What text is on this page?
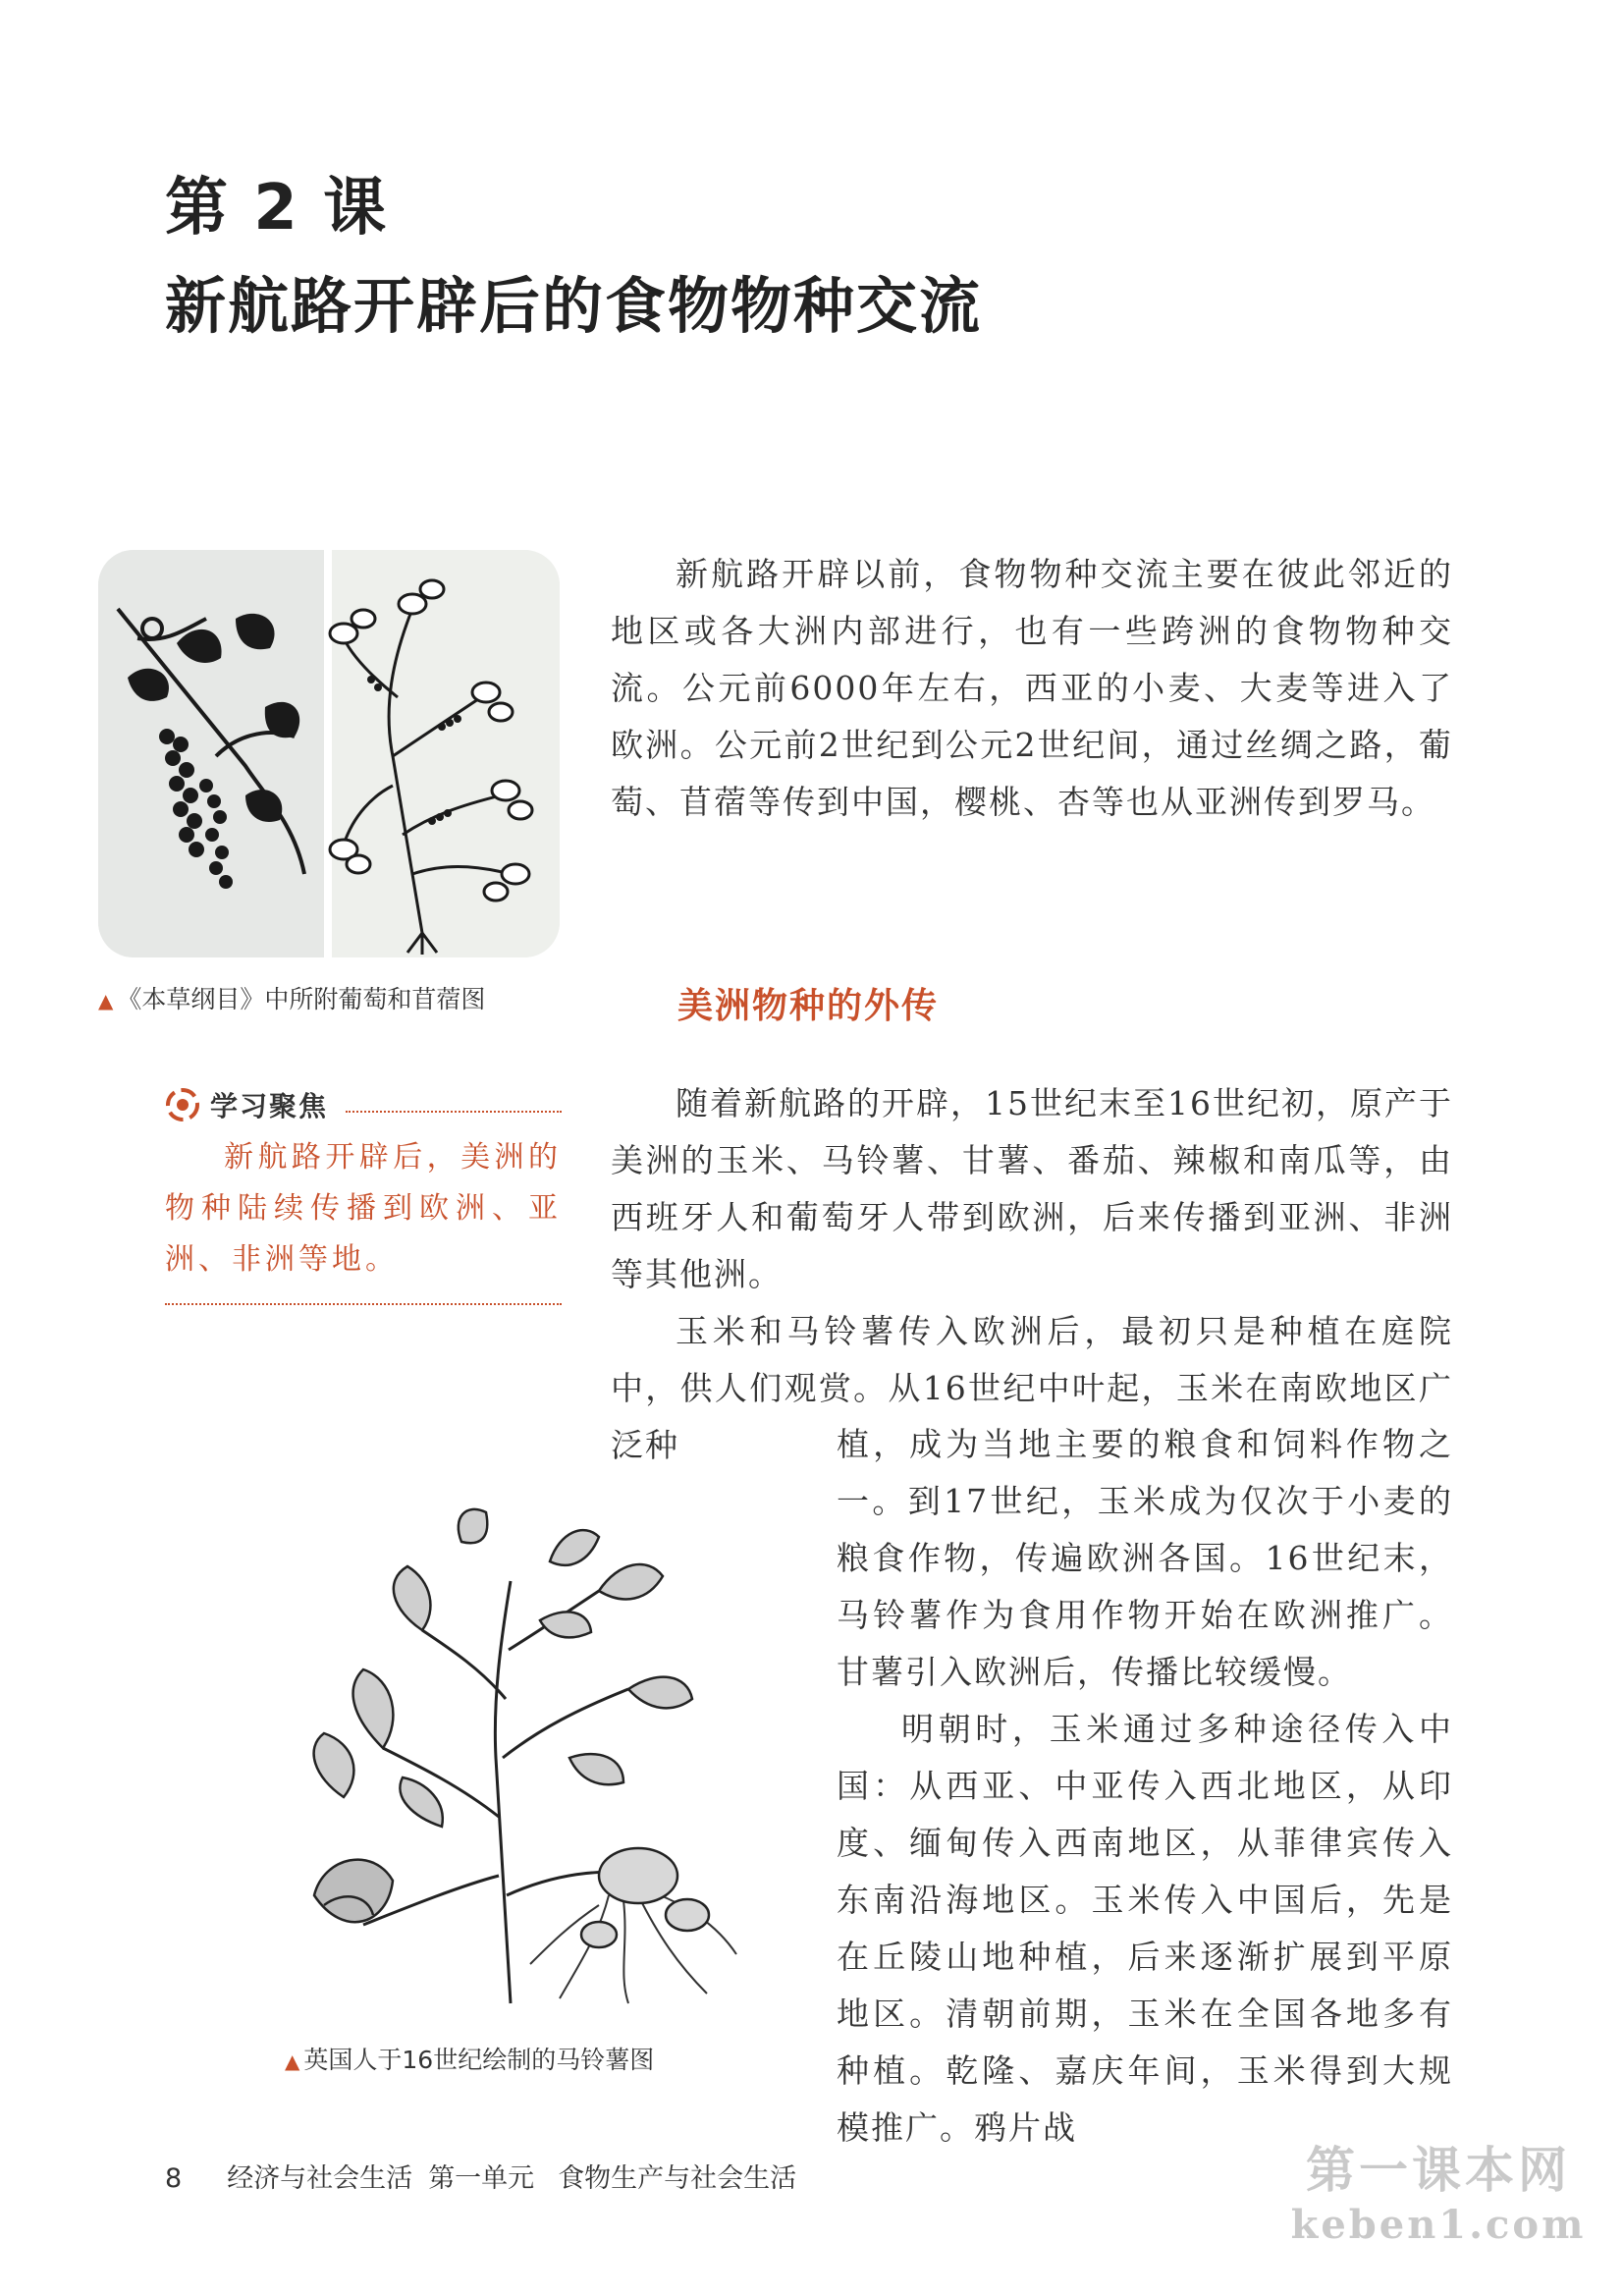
第 2 课
新航路开辟后的食物物种交流
▲ 《本草纲目》中所附葡萄和苜蓿图

新航路开辟以前，食物物种交流主要在彼此邻近的地区或各大洲内部进行，也有一些跨洲的食物物种交流。公元前6000年左右，西亚的小麦、大麦等进入了欧洲。公元前2世纪到公元2世纪间，通过丝绸之路，葡萄、苜蓿等传到中国，樱桃、杏等也从亚洲传到罗马。

美洲物种的外传
学习聚焦
新航路开辟后，美洲的物种陆续传播到欧洲、亚洲、非洲等地。

随着新航路的开辟，15世纪末至16世纪初，原产于美洲的玉米、马铃薯、甘薯、番茄、辣椒和南瓜等，由西班牙人和葡萄牙人带到欧洲，后来传播到亚洲、非洲等其他洲。

玉米和马铃薯传入欧洲后，最初只是种植在庭院中，供人们观赏。从16世纪中叶起，玉米在南欧地区广泛种	植，成为当地主要的粮食和饲料作物之一。到17世纪，玉米成为仅次于小麦的粮食作物，传遍欧洲各国。16世纪末，马铃薯作为食用作物开始在欧洲推广。甘薯引入欧洲后，传播比较缓慢。

明朝时，玉米通过多种途径传入中国：从西亚、中亚传入西北地区，从印度、缅甸传入西南地区，从菲律宾传入东南沿海地区。玉米传入中国后，先是在丘陵山地种植，后来逐渐扩展到平原地区。清朝前期，玉米在全国各地多有种植。乾隆、嘉庆年间，玉米得到大规模推广。鸦片战

▲ 英国人于16世纪绘制的马铃薯图
8 经济与社会生活 第一单元 食物生产与社会生活	第一课本网
keben1.com
